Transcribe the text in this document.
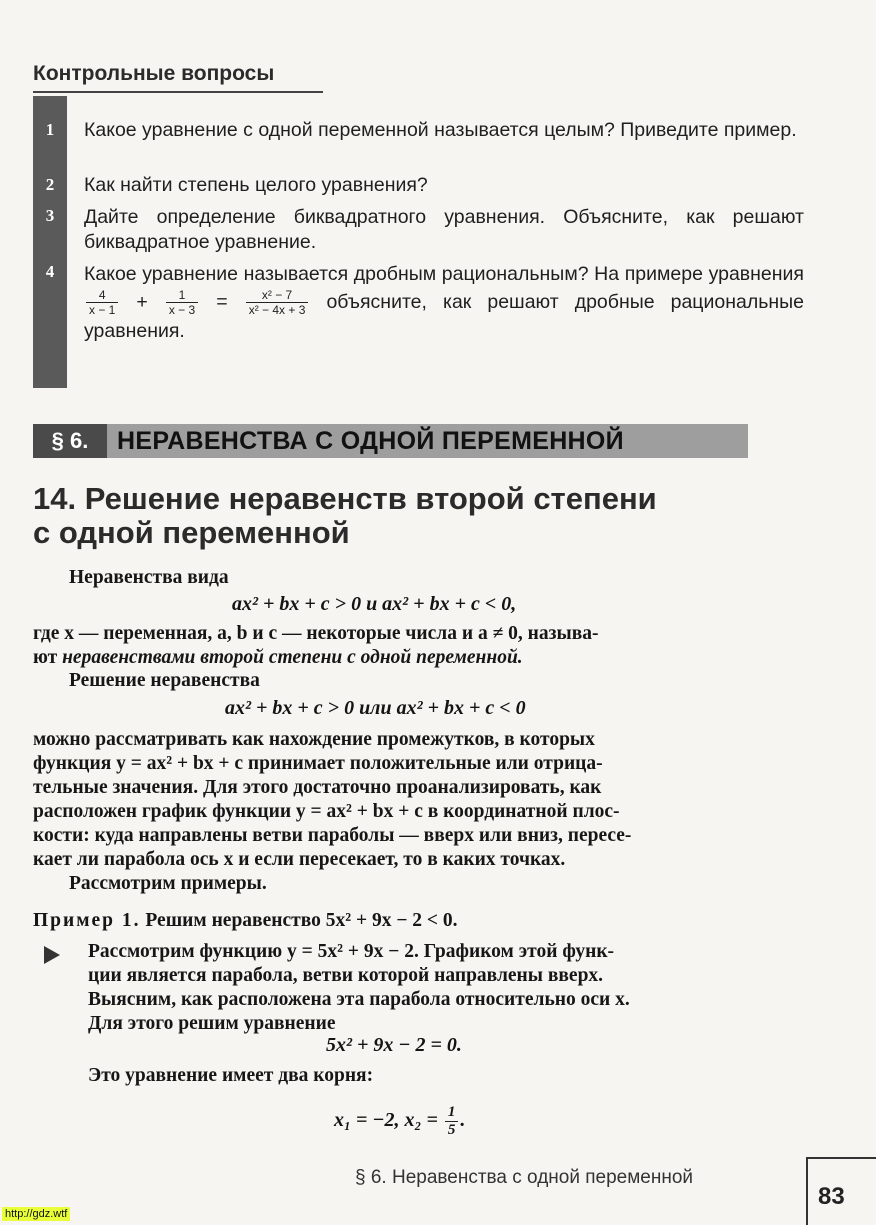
Контрольные вопросы
1	Какое уравнение с одной переменной называется целым? Приведите пример.
2	Как найти степень целого уравнения?
3	Дайте определение биквадратного уравнения. Объясните, как решают биквадратное уравнение.
4	Какое уравнение называется дробным рациональным? На примере уравнения
$\frac{4}{x - 1} + \frac{1}{x - 3} = \frac{\text{x² − 7}}{\text{x² − 4x + 3}}$ объясните, как решают дробные рациональные уравнения.
§ 6.	НЕРАВЕНСТВА С ОДНОЙ ПЕРЕМЕННОЙ
14. Решение неравенств второй степени
с одной переменной
Неравенства вида
ax² + bx + c > 0 и ax² + bx + c < 0,
где x — переменная, a, b и c — некоторые числа и a ≠ 0, называ-
ют неравенствами второй степени с одной переменной.
Решение неравенства
ax² + bx + c > 0 или ax² + bx + c < 0
можно рассматривать как нахождение промежутков, в которых
функция y = ax² + bx + c принимает положительные или отрица-
тельные значения. Для этого достаточно проанализировать, как
расположен график функции y = ax² + bx + c в координатной плос-
кости: куда направлены ветви параболы — вверх или вниз, пересе-
кает ли парабола ось x и если пересекает, то в каких точках.
Рассмотрим примеры.
Пример 1. Решим неравенство 5x² + 9x − 2 < 0.
Рассмотрим функцию y = 5x² + 9x − 2. Графиком этой функ-
ции является парабола, ветви которой направлены вверх.
Выясним, как расположена эта парабола относительно оси x.
Для этого решим уравнение
5x² + 9x − 2 = 0.
Это уравнение имеет два корня:
x₁ = −2, $x_2 = \frac{1}{5}$ .
§ 6. Неравенства с одной переменной
83
http://gdz.wtf
